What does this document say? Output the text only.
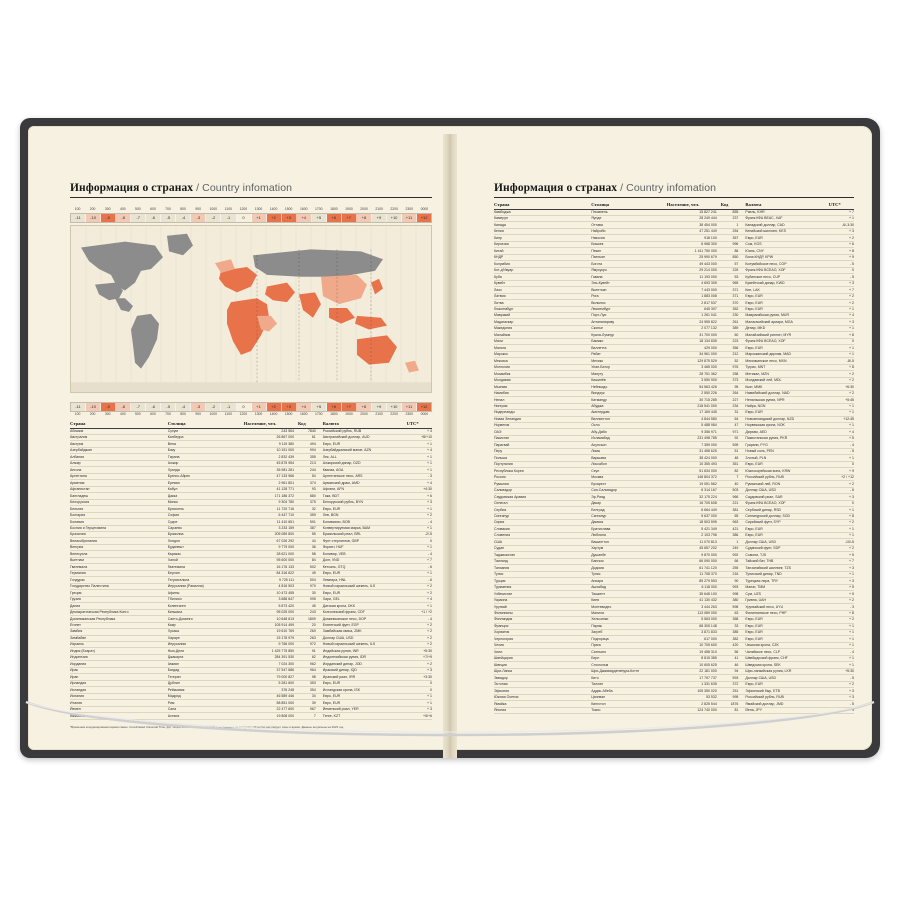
Информация о странах / Country infomation
100	200	300	400	500	600	700	800	900	1000	1100	1200	1300	1400	1500	1600	1700	1800	1900	2000	2100	2200	2300	0000
-11	-10	-9	-8	-7	-6	-5	-4	-3	-2	-1	0	+1	+2	+3	+4	+5	+6	+7	+8	+9	+10	+11	+12
-11	-10	-9	-8	-7	-6	-5	-4	-3	-2	-1	0	+1	+2	+3	+4	+5	+6	+7	+8	+9	+10	+11	+12
100	200	300	400	500	600	700	800	900	1000	1100	1200	1300	1400	1500	1600	1700	1800	1900	2000	2100	2200	2300	0000
Страна	Столица	Население, чел.	Код	Валюта	UTC*
Абхазия	Сухум	243 564	7840	Российский рубль, RUB	+ 4
Австралия	Канберра	26 867 000	61	Австралийский доллар, AUD	+8/+10
Австрия	Вена	9 119 380	494	Евро, EUR	+ 1
Азербайджан	Баку	10 151 000	994	Азербайджанский манат, AZN	+ 4
Албания	Тирана	2 832 439	355	Лек, ALL	+ 1
Алжир	Алжир	45 875 954	213	Алжирский динар, DZD	+ 1
Ангола	Луанда	35 981 281	244	Кванза, AOA	+ 1
Аргентина	Буэнос-Айрес	47 133 966	54	Аргентинское песо, ARS	- 3
Армения	Ереван	2 961 801	374	Армянский драм, AMD	+ 4
Афганистан	Кабул	41 128 771	93	Афгани, AFN	+4:30
Бангладеш	Дакка	171 186 372	880	Така, BDT	+ 6
Белоруссия	Минск	9 304 780	375	Белорусский рубль, BYN	+ 3
Бельгия	Брюссель	11 720 716	32	Евро, EUR	+ 1
Болгария	София	6 447 710	359	Лев, BGN	+ 2
Боливия	Сукре	11 410 651	591	Боливиано, BOB	- 4
Босния и Герцеговина	Сараево	3 233 159	387	Конвертируемая марка, BAM	+ 1
Бразилия	Бразилиа	205 089 800	55	Бразильский реал, BRL	-2/-5
Великобритания	Лондон	67 026 292	44	Фунт стерлингов, GBP	0
Венгрия	Будапешт	9 779 000	36	Форинт, HUF	+ 1
Венесуэла	Каракас	28 621 000	58	Боливар, VEB	- 4
Вьетнам	Ханой	95 600 000	84	Донг, VND	+ 7
Гватемала	Гватемала	16 176 133	502	Кетсаль, GTQ	- 6
Германия	Берлин	84 316 622	49	Евро, EUR	+ 1
Гондурас	Тегусигальпа	9 725 111	504	Лемпира, HNL	- 6
Государство Палестина	Иерусалим (Рамалла)	4 816 503	970	Новый израильский шекель, ILS	+ 2
Греция	Афины	10 473 455	30	Евро, EUR	+ 2
Грузия	Тбилиси	3 688 647	995	Лари, GEL	+ 4
Дания	Копенгаген	5 873 420	45	Датская крона, DKK	+ 1
Демократическая Республика Конго	Киншаса	95 025 000	243	Конголезский франк, CDF	+1 / +2
Доминиканская Республика	Санто-Доминго	10 648 613	1809	Доминиканское песо, DOP	- 4
Египет	Каир	105 914 499	20	Египетский фунт, EGP	+ 2
Замбия	Лусака	19 610 769	260	Замбийская квача, ZMK	+ 2
Зимбабве	Хараре	15 178 979	263	Доллар США, USD	+ 2
Израиль	Иерусалим	9 766 000	972	Новый израильский шекель, ILS	+ 2
Индия (Бхарат)	Нью-Дели	1 425 775 850	91	Индийская рупия, INR	+5:30
Индонезия	Джакарта	284 391 530	62	Индонезийская рупия, IDR	+7/+9
Иордания	Амман	7 024 300	962	Иорданский динар, JOD	+ 2
Ирак	Багдад	37 547 686	964	Иракский динар, IQD	+ 3
Иран	Тегеран	79 000 827	98	Иранский риал, IRR	+3:30
Ирландия	Дублин	5 281 600	353	Евро, EUR	0
Исландия	Рейкьявик	376 248	354	Исландская крона, ISK	0
Испания	Мадрид	46 589 446	34	Евро, EUR	+ 1
Италия	Рим	58 851 000	39	Евро, EUR	+ 1
Йемен	Сана	22 477 600	967	Йеменский риал, YER	+ 3
Казахстан	Астана	19 808 000	7	Тенге, KZT	+5/+6
*Временем координирования время самое. Coordinated Universal Time, фр. Temps Universel Coordonné, UTC) — стандарт, по которому общество регулирует часы и время. Данные актуальны на 2023 год.
Информация о странах / Country infomation
Страна	Столица	Население, чел.	Код	Валюта	UTC*
Камбоджа	Пномпень	15 827 241	855	Риель, KHR	+ 7
Камерун	Яунде	28 249 444	237	Франк КФА BEAC, XAF	+ 1
Канада	Оттава	38 454 000	1	Канадский доллар, CAD	-6/-3:30
Кения	Найроби	47 251 449	254	Кенийский шиллинг, KES	+ 3
Кипр	Никосия	918 100	357	Евро, EUR	+ 2
Киргизия	Бишкек	6 968 300	996	Сом, KGS	+ 6
Китай	Пекин	1 411 750 000	86	Юань, CNY	+ 8
КНДР	Пхеньян	25 990 679	850	Вона КНДР, KPW	+ 9
Колумбия	Богота	49 443 000	57	Колумбийское песо, COP	- 5
Кот-д'Ивуар	Ямусукро	29 214 000	225	Франк КФА BCEAO, XOF	0
Куба	Гавана	11 193 000	53	Кубинское песо, CUP	- 5
Кувейт	Эль-Кувейт	4 693 305	965	Кувейтский динар, KWD	+ 3
Лаос	Вьентьян	7 443 000	371	Кип, LAK	+ 7
Латвия	Рига	1 883 008	371	Евро, EUR	+ 2
Литва	Вильнюс	2 817 537	370	Евро, EUR	+ 2
Люксембург	Люксембург	645 397	352	Евро, EUR	+ 1
Маврикий	Порт-Луи	1 261 041	230	Маврикийская рупия, MUR	+ 4
Мадагаскар	Антананариву	24 955 822	261	Малагасийский ариари, MGA	+ 3
Македония	Скопье	2 077 132	389	Денар, MKD	+ 1
Малайзия	Куала-Лумпур	31 700 000	60	Малайзийский ринггит, MYR	+ 8
Мали	Бамако	18 134 835	223	Франк КФА BCEAO, XOF	0
Мальта	Валлетта	429 000	356	Евро, EUR	+ 1
Марокко	Рабат	34 961 000	212	Марокканский дирхам, MAD	+ 1
Мексика	Мехико	129 875 529	52	Мексиканское песо, MXN	-8/-5
Монголия	Улан-Батор	3 465 000	976	Тугрик, MNT	+ 8
Мозамбик	Мапуту	28 751 362	258	Метикал, MZN	+ 2
Молдавия	Кишинёв	3 550 900	373	Молдавский лей, MDL	+ 2
Мьянма	Нейпьидо	54 563 426	95	Кьят, MMK	+6:30
Намибия	Виндхук	2 550 226	264	Намибийский доллар, NAD	+ 2
Непал	Катманду	30 715 285	227	Непальская рупия, NPR	+5:45
Нигерия	Абуджа	218 541 000	234	Найра, NGN	+ 1
Нидерланды	Амстердам	17 169 445	31	Евро, EUR	+ 1
Новая Зеландия	Веллингтон	4 844 580	64	Новозеландский доллар, NZD	+12:45
Норвегия	Осло	5 488 984	47	Норвежская крона, NOK	+ 1
ОАЭ	Абу-Даби	9 356 971	971	Дирхам, AED	+ 4
Пакистан	Исламабад	231 498 785	92	Пакистанская рупия, PKR	+ 5
Парагвай	Асунсьон	7 359 000	595	Гуарани, PYG	- 4
Перу	Лима	31 458 625	51	Новый соль, PEN	- 5
Польша	Варшава	38 424 000	48	Злотый, PLN	+ 1
Португалия	Лиссабон	10 355 493	351	Евро, EUR	0
Республика Корея	Сеул	51 634 000	82	Южнокорейская вона, KRW	+ 9
Россия	Москва	146 804 372	7	Российский рубль, RUB	+2 / +12
Румыния	Бухарест	19 051 562	40	Румынский лей, RON	+ 2
Сальвадор	Сан-Сальвадор	6 314 167	503	Доллар США, USD	- 6
Саудовская Аравия	Эр-Рияд	32 175 224	966	Саудовский риал, SAR	+ 3
Сенегал	Дакар	16 705 608	221	Франк КФА BCEAO, XOF	0
Сербия	Белград	6 664 449	381	Сербский динар, RSD	+ 1
Сингапур	Сингапур	5 637 000	65	Сингапурский доллар, SGD	+ 8
Сирия	Дамаск	18 503 595	963	Сирийский фунт, SYP	+ 2
Словакия	Братислава	5 421 349	421	Евро, EUR	+ 1
Словения	Любляна	2 103 796	386	Евро, EUR	+ 1
США	Вашингтон	11 070 813	1	Доллар США, USD	-10/-5
Судан	Хартум	45 657 202	249	Суданский фунт, SDP	+ 2
Таджикистан	Душанбе	9 870 000	992	Сомони, TJS	+ 5
Таиланд	Бангкок	66 090 000	66	Тайский бат, THB	+ 7
Танзания	Додома	61 741 120	255	Танзанийский шиллинг, TZS	+ 3
Тунис	Тунис	11 708 370	216	Тунисский динар, TND	+ 1
Турция	Анкара	85 279 553	90	Турецкая лира, TRY	+ 3
Туркмения	Ашхабад	6 118 000	993	Манат, TMM	+ 5
Узбекистан	Ташкент	35 648 100	998	Сум, UZS	+ 5
Украина	Киев	41 130 432	380	Гривна, UAH	+ 2
Уругвай	Монтевидео	3 444 263	598	Уругвайский песо, UYU	- 3
Филиппины	Манила	113 089 000	63	Филиппинское песо, PHP	+ 8
Финляндия	Хельсинки	5 563 000	358	Евро, EUR	+ 2
Франция	Париж	68 305 148	33	Евро, EUR	+ 1
Хорватия	Загреб	3 871 833	385	Евро, EUR	+ 1
Черногория	Подгорица	617 000	382	Евро, EUR	+ 1
Чехия	Прага	10 705 600	420	Чешская крона, CZK	+ 1
Чили	Сантьяго	19 458 310	56	Чилийское песо, CLP	- 4
Швейцария	Берн	8 815 385	41	Швейцарский франк, CHF	+ 1
Швеция	Стокгольм	10 605 625	46	Шведская крона, SEK	+ 1
Шри-Ланка	Шри-Джаяварденепура-Котте	22 181 000	94	Шри-ланкийская рупия, LKR	+5:30
Эквадор	Кито	17 797 737	593	Доллар США, USD	- 5
Эстония	Таллин	1 331 635	372	Евро, EUR	+ 2
Эфиопия	Аддис-Абеба	105 350 020	251	Эфиопский быр, ETB	+ 3
Южная Осетия	Цхинвал	53 532	995	Российский рубль, RUB	+ 3
Ямайка	Кингстон	2 825 544	1876	Ямайский доллар, JMD	- 5
Япония	Токио	124 740 000	81	Йена, JPY	+ 9
